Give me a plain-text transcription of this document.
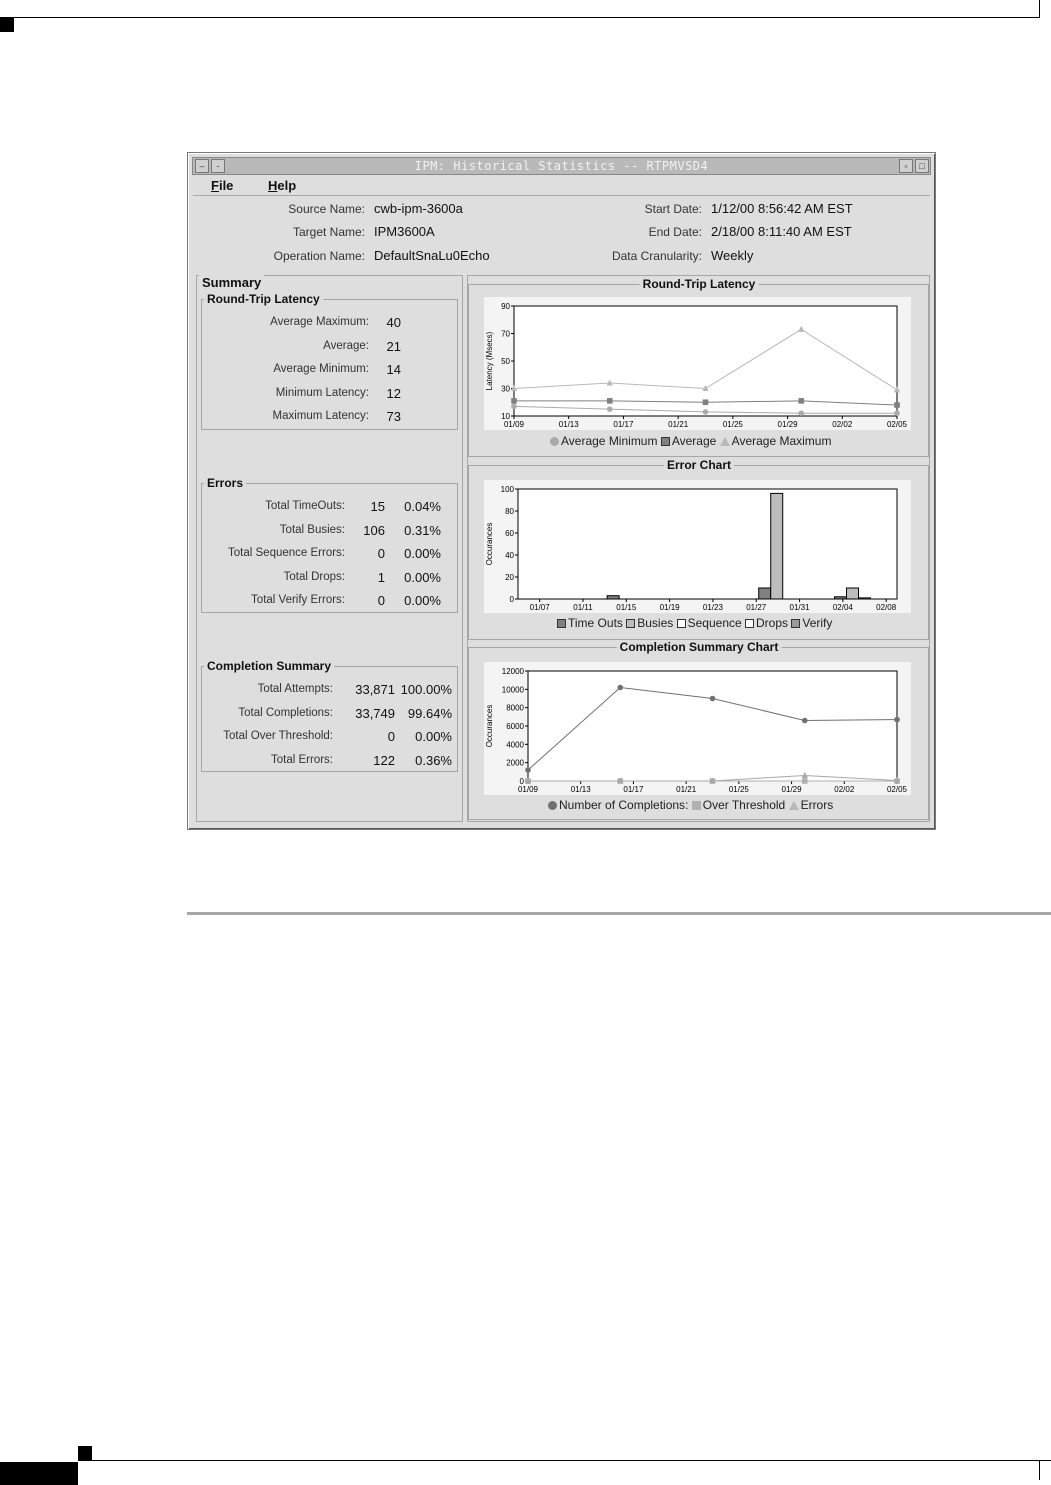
–	-	IPM: Historical Statistics -- RTPMVSD4	▫	□
File	Help
Source Name: cwb-ipm-3600a
Target Name: IPM3600A
Operation Name: DefaultSnaLu0Echo
Start Date: 1/12/00 8:56:42 AM EST
End Date: 2/18/00 8:11:40 AM EST
Data Cranularity: Weekly
Summary
Round-Trip Latency
Errors
Completion Summary
Round-Trip Latency
10
30
50
70
90
01/09	01/13	01/17	01/21	01/25	01/29	02/02	02/05
Latency (Msecs)
Average Minimum Average Average Maximum
Error Chart
0
20
40
60
80
100
01/07	01/11	01/15	01/19	01/23	01/27	01/31	02/04	02/08
Occurances
Time Outs Busies Sequence Drops Verify
Completion Summary Chart
0
2000
4000
6000
8000
10000
12000
01/09	01/13	01/17	01/21	01/25	01/29	02/02	02/05
Occurances
Number of Completions: Over Threshold Errors
Average Maximum:	40
Average:	21
Average Minimum:	14
Minimum Latency:	12
Maximum Latency:	73
Total TimeOuts:	15	0.04%
Total Busies:	106	0.31%
Total Sequence Errors:	0	0.00%
Total Drops:	1	0.00%
Total Verify Errors:	0	0.00%
Total Attempts:	33,871 100.00%
Total Completions:	33,749 99.64%
Total Over Threshold:	0	0.00%
Total Errors:	122	0.36%
